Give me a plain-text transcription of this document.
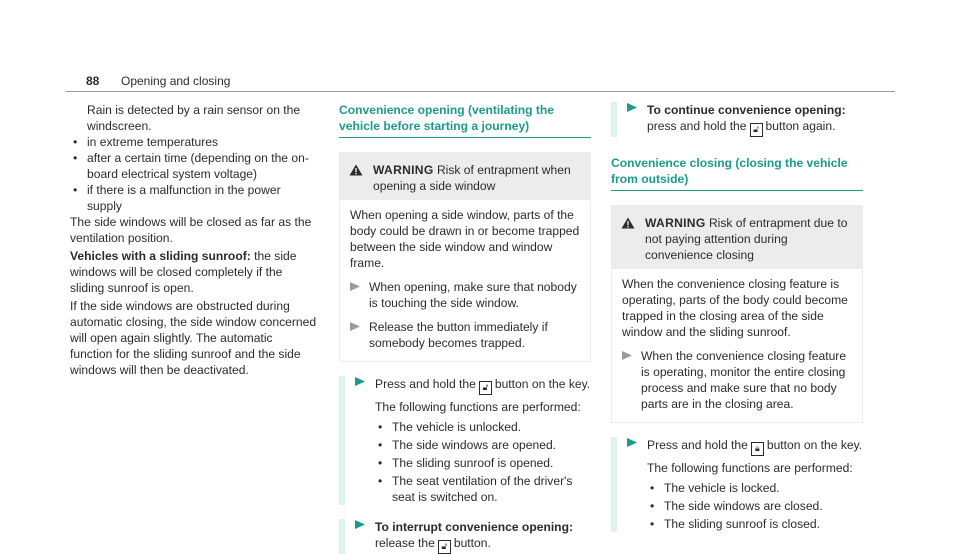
88 Opening and closing

Rain is detected by a rain sensor on the windscreen.

• in extreme temperatures
• after a certain time (depending on the on-board electrical system voltage)
• if there is a malfunction in the power supply

The side windows will be closed as far as the ventilation position.

Vehicles with a sliding sunroof: the side windows will be closed completely if the sliding sunroof is open.

If the side windows are obstructed during automatic closing, the side window concerned will open again slightly. The automatic function for the sliding sunroof and the side windows will then be deactivated.

Convenience opening (ventilating the vehicle before starting a journey)
WARNING Risk of entrapment when opening a side window

When opening a side window, parts of the body could be drawn in or become trapped between the side window and window frame.

When opening, make sure that nobody is touching the side window.
Release the button immediately if somebody becomes trapped.

Press and hold the 🔓︎ button on the key.

The following functions are performed:

• The vehicle is unlocked.
• The side windows are opened.
• The sliding sunroof is opened.
• The seat ventilation of the driver's seat is switched on.

To interrupt convenience opening: release the 🔓︎ button.

To continue convenience opening: press and hold the 🔓︎ button again.

Convenience closing (closing the vehicle from outside)
WARNING Risk of entrapment due to not paying attention during convenience closing

When the convenience closing feature is operating, parts of the body could become trapped in the closing area of the side window and the sliding sunroof.

When the convenience closing feature is operating, monitor the entire closing process and make sure that no body parts are in the closing area.

Press and hold the 🔒︎ button on the key.

The following functions are performed:

• The vehicle is locked.
• The side windows are closed.
• The sliding sunroof is closed.
